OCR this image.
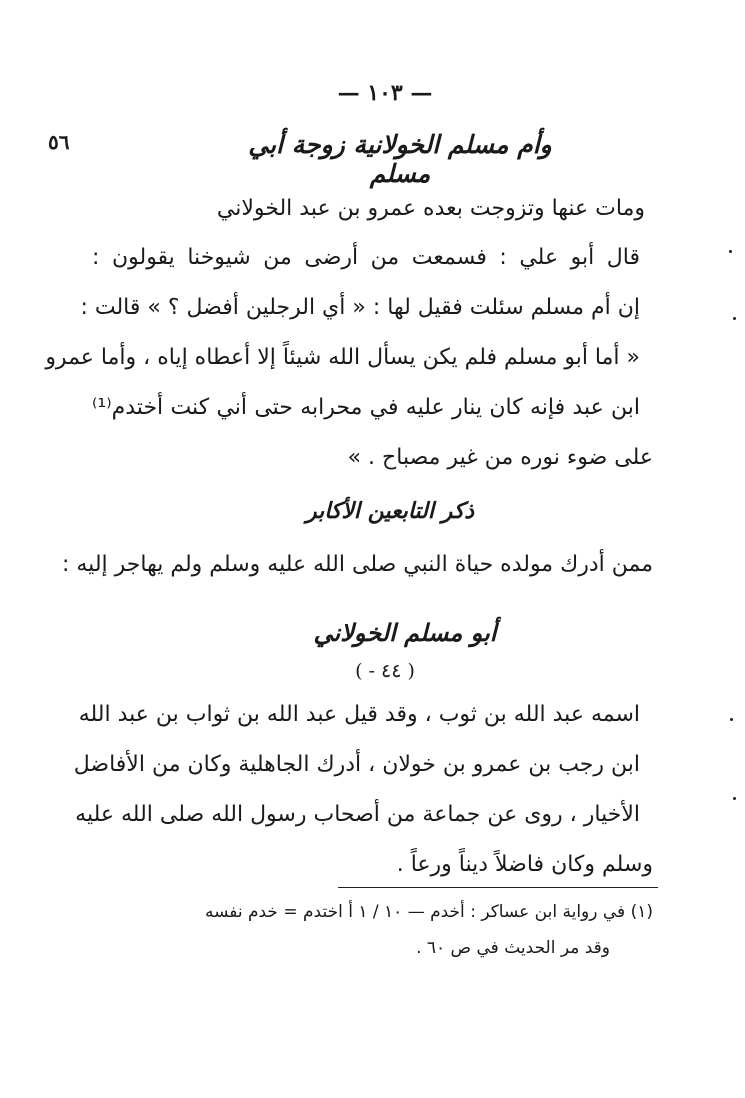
— ١٠٣ —
٥٦	وأم مسلم الخولانية زوجة أبي مسلم
ومات عنها وتزوجت بعده عمرو بن عبد الخولاني
قال أبو علي : فسمعت من أرضى من شيوخنا يقولون :
إن أم مسلم سئلت فقيل لها : « أي الرجلين أفضل ؟ » قالت :
« أما أبو مسلم فلم يكن يسأل الله شيئاً إلا أعطاه إياه ، وأما عمرو
ابن عبد فإنه كان ينار عليه في محرابه حتى أني كنت أختدم⁽¹⁾
على ضوء نوره من غير مصباح . »
ذكر التابعين الأكابر
ممن أدرك مولده حياة النبي صلى الله عليه وسلم ولم يهاجر إليه :
أبو مسلم الخولاني
( ٤٤ - )
اسمه عبد الله بن ثوب ، وقد قيل عبد الله بن ثواب بن عبد الله
ابن رجب بن عمرو بن خولان ، أدرك الجاهلية وكان من الأفاضل
الأخيار ، روى عن جماعة من أصحاب رسول الله صلى الله عليه
وسلم وكان فاضلاً ديناً ورعاً .
(١) في رواية ابن عساكر : أخدم — ١٠ / ١ أ اختدم = خدم نفسه
وقد مر الحديث في ص ٦٠ .
